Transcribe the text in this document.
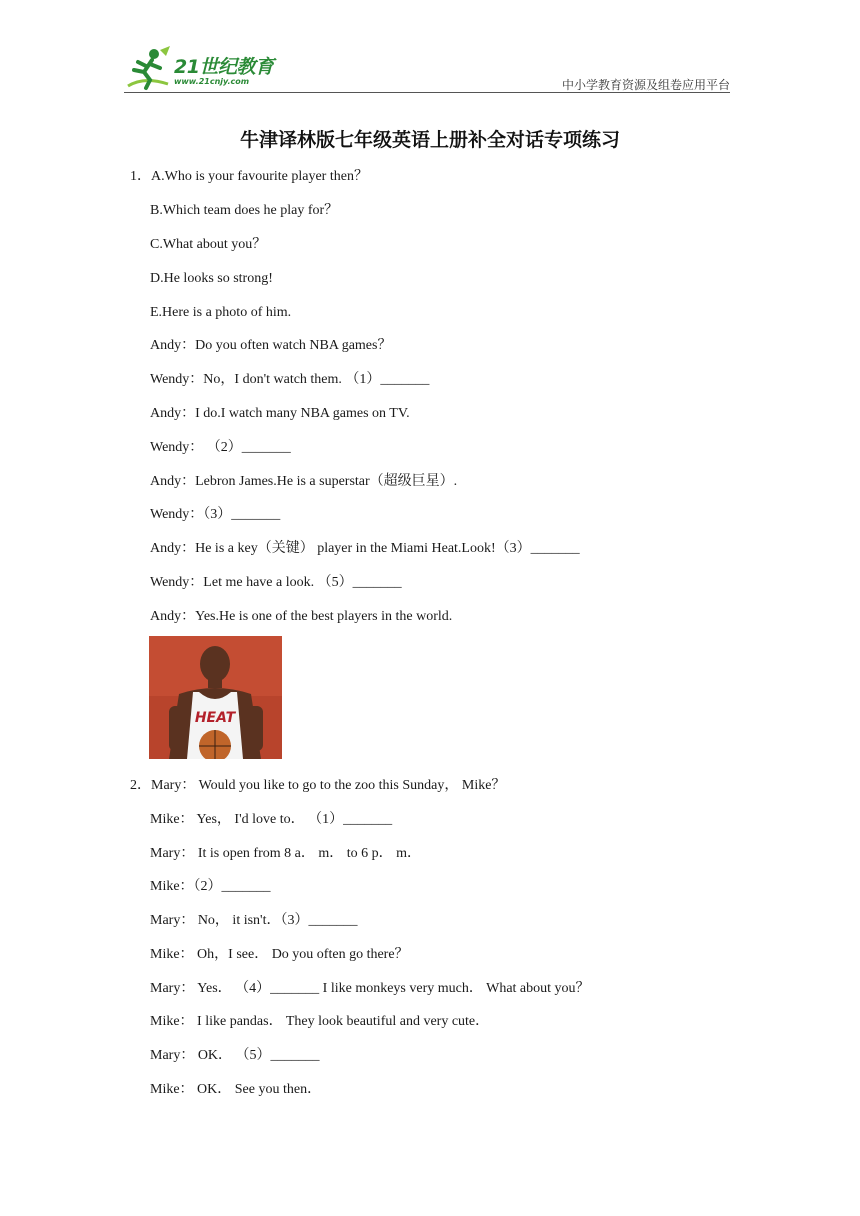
21世纪教育
www.21cnjy.com	中小学教育资源及组卷应用平台
牛津译林版七年级英语上册补全对话专项练习
1．A.Who is your favourite player then？
B.Which team does he play for？
C.What about you？
D.He looks so strong!
E.Here is a photo of him.
Andy：Do you often watch NBA games？
Wendy：No，I don't watch them. （1）_______
Andy：I do.I watch many NBA games on TV.
Wendy： （2）_______
Andy：Lebron James.He is a superstar（超级巨星）.
Wendy：（3）_______
Andy：He is a key（关键） player in the Miami Heat.Look!（3）_______
Wendy：Let me have a look. （5）_______
Andy：Yes.He is one of the best players in the world.
HEAT
2．Mary： Would you like to go to the zoo this Sunday， Mike？
Mike： Yes， I'd love to． （1）_______
Mary： It is open from 8 a． m． to 6 p． m．
Mike：（2）_______
Mary： No， it isn't．（3）_______
Mike： Oh，I see． Do you often go there？
Mary： Yes． （4）_______ I like monkeys very much． What about you？
Mike： I like pandas． They look beautiful and very cute．
Mary： OK． （5）_______
Mike： OK． See you then．
